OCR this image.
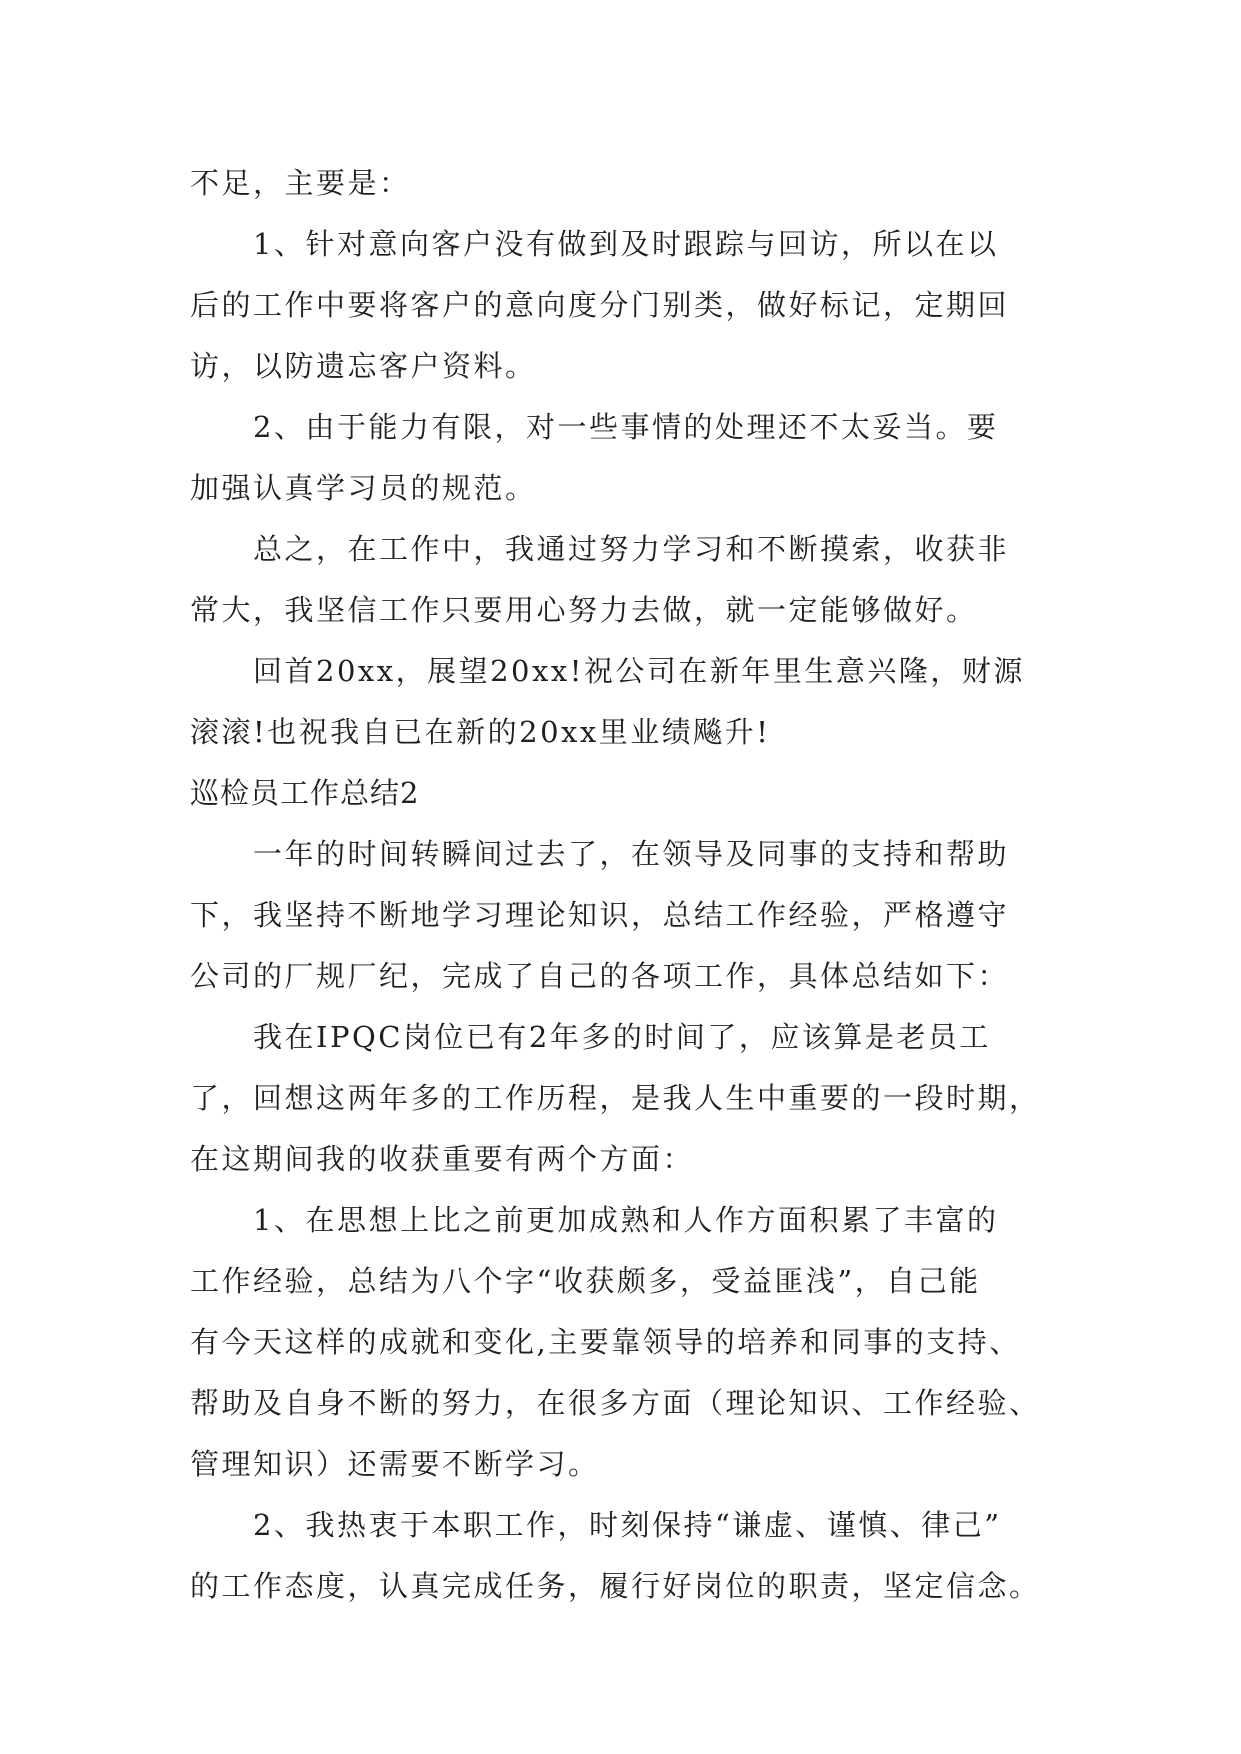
不足，主要是：
　　1、针对意向客户没有做到及时跟踪与回访，所以在以
后的工作中要将客户的意向度分门别类，做好标记，定期回
访，以防遗忘客户资料。
　　2、由于能力有限，对一些事情的处理还不太妥当。要
加强认真学习员的规范。
　　总之，在工作中，我通过努力学习和不断摸索，收获非
常大，我坚信工作只要用心努力去做，就一定能够做好。
　　回首20xx，展望20xx!祝公司在新年里生意兴隆，财源
滚滚!也祝我自已在新的20xx里业绩飚升!
巡检员工作总结2
　　一年的时间转瞬间过去了，在领导及同事的支持和帮助
下，我坚持不断地学习理论知识，总结工作经验，严格遵守
公司的厂规厂纪，完成了自己的各项工作，具体总结如下：
　　我在IPQC岗位已有2年多的时间了，应该算是老员工
了，回想这两年多的工作历程，是我人生中重要的一段时期，
在这期间我的收获重要有两个方面：
　　1、在思想上比之前更加成熟和人作方面积累了丰富的
工作经验，总结为八个字“收获颇多，受益匪浅”，自己能
有今天这样的成就和变化,主要靠领导的培养和同事的支持、
帮助及自身不断的努力，在很多方面（理论知识、工作经验、
管理知识）还需要不断学习。
　　2、我热衷于本职工作，时刻保持“谦虚、谨慎、律己”
的工作态度，认真完成任务，履行好岗位的职责，坚定信念。
